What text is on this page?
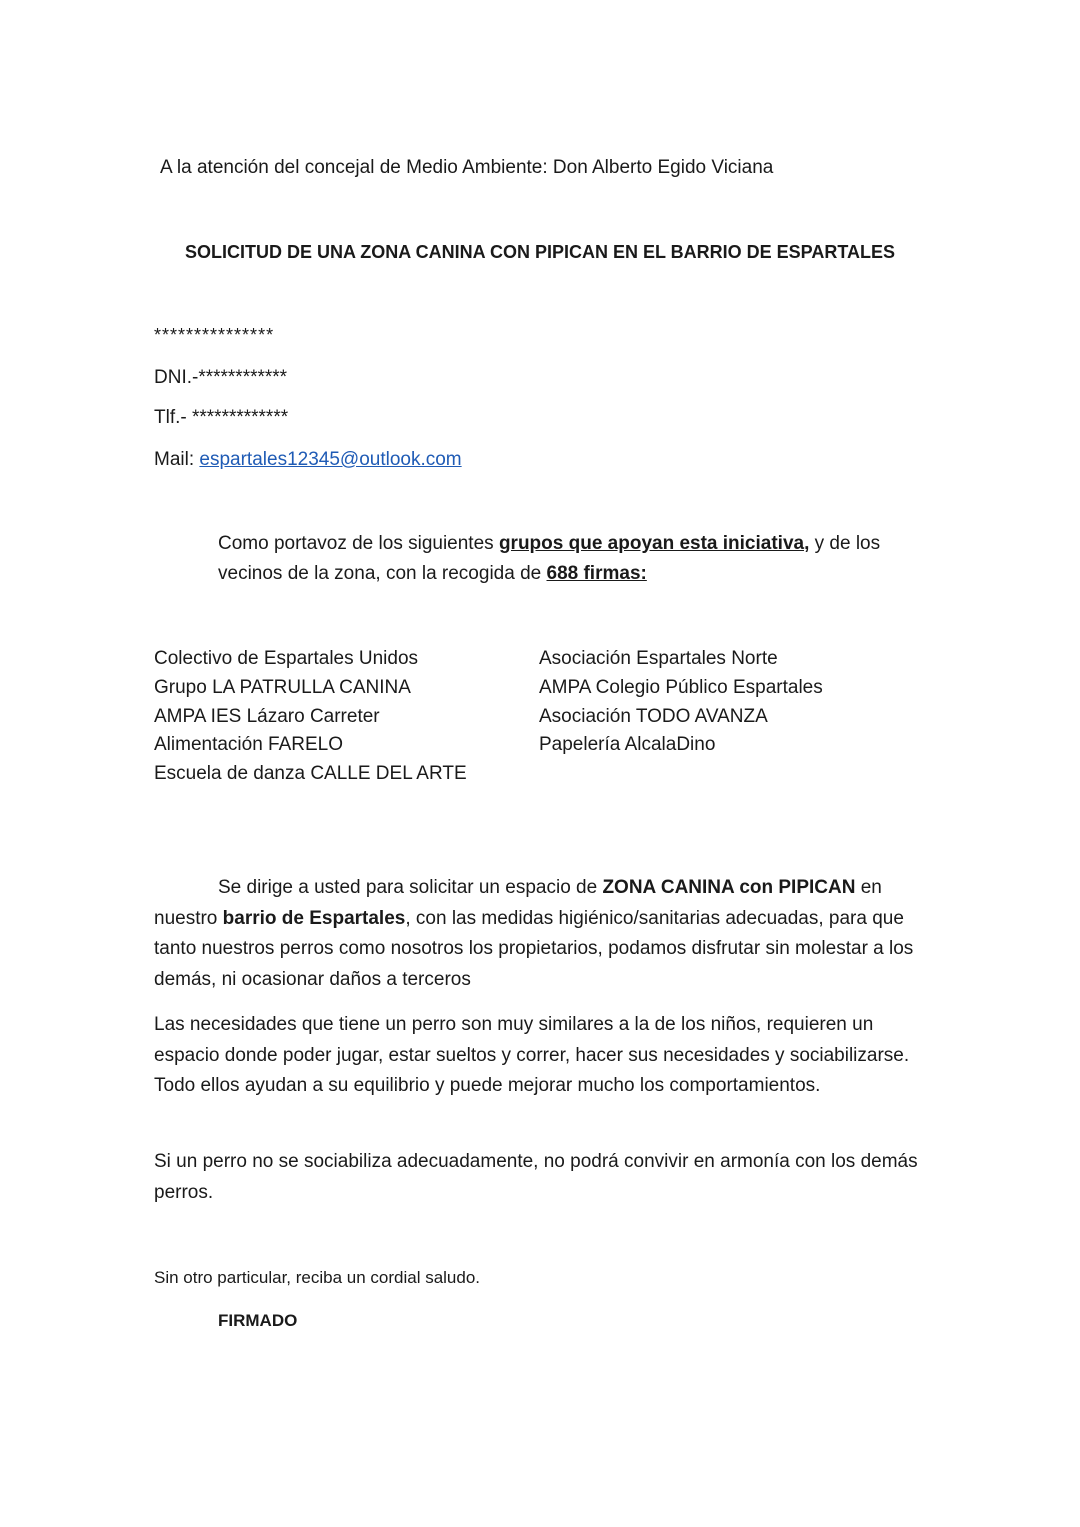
A la atención del concejal de Medio Ambiente: Don Alberto Egido Viciana
SOLICITUD DE UNA ZONA CANINA CON PIPICAN EN EL BARRIO DE ESPARTALES
***************
DNI.-************
Tlf.- *************
Mail: espartales12345@outlook.com
Como portavoz de los siguientes grupos que apoyan esta iniciativa, y de los
vecinos de la zona, con la recogida de 688 firmas:
Colectivo de Espartales Unidos
Grupo LA PATRULLA CANINA
AMPA IES Lázaro Carreter
Alimentación FARELO
Escuela de danza CALLE DEL ARTE
Asociación Espartales Norte
AMPA Colegio Público Espartales
Asociación TODO AVANZA
Papelería AlcalaDino
Se dirige a usted para solicitar un espacio de ZONA CANINA con PIPICAN en nuestro barrio de Espartales, con las medidas higiénico/sanitarias adecuadas, para que tanto nuestros perros como nosotros los propietarios, podamos disfrutar sin molestar a los demás, ni ocasionar daños a terceros
Las necesidades que tiene un perro son muy similares a la de los niños, requieren un espacio donde poder jugar, estar sueltos y correr, hacer sus necesidades y sociabilizarse. Todo ellos ayudan a su equilibrio y puede mejorar mucho los comportamientos.
Si un perro no se sociabiliza adecuadamente, no podrá convivir en armonía con los demás perros.
Sin otro particular, reciba un cordial saludo.
FIRMADO
